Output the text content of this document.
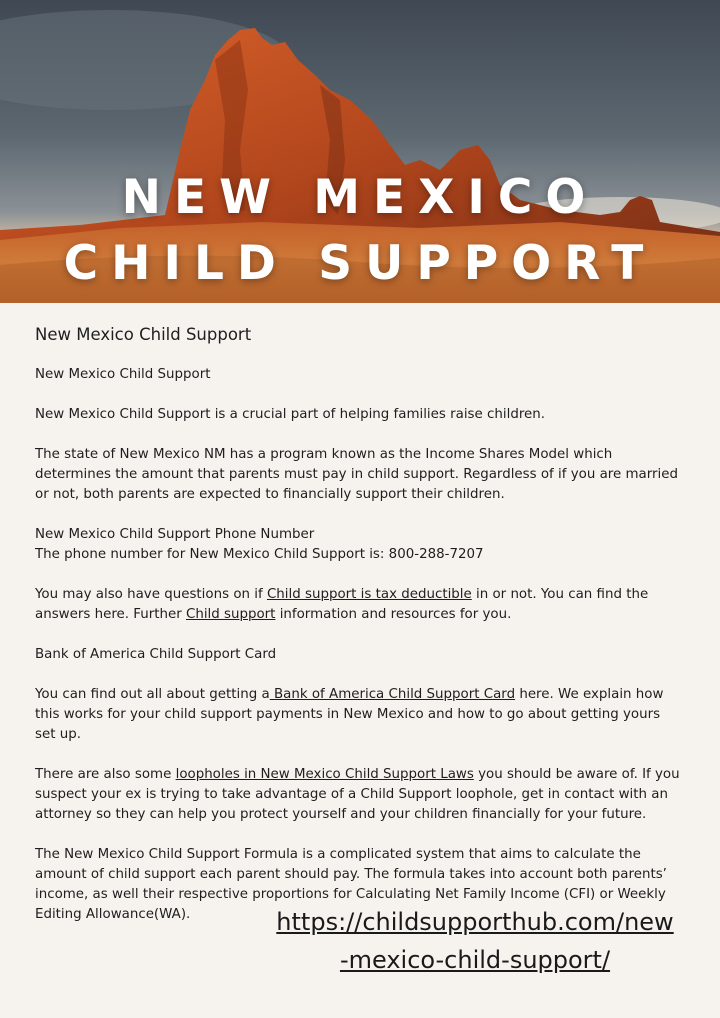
NEW MEXICO
CHILD SUPPORT
New Mexico Child Support

New Mexico Child Support

New Mexico Child Support is a crucial part of helping families raise children.

The state of New Mexico NM has a program known as the Income Shares Model which determines the amount that parents must pay in child support. Regardless of if you are married or not, both parents are expected to financially support their children.

New Mexico Child Support Phone Number
The phone number for New Mexico Child Support is: 800-288-7207

You may also have questions on if Child support is tax deductible in or not. You can find the answers here. Further Child support information and resources for you.

Bank of America Child Support Card

You can find out all about getting a Bank of America Child Support Card here. We explain how this works for your child support payments in New Mexico and how to go about getting yours set up.

There are also some loopholes in New Mexico Child Support Laws you should be aware of. If you suspect your ex is trying to take advantage of a Child Support loophole, get in contact with an attorney so they can help you protect yourself and your children financially for your future.

The New Mexico Child Support Formula is a complicated system that aims to calculate the amount of child support each parent should pay. The formula takes into account both parents’ income, as well their respective proportions for Calculating Net Family Income (CFI) or Weekly Editing Allowance(WA).	https://childsupporthub.com/new
-mexico-child-support/
